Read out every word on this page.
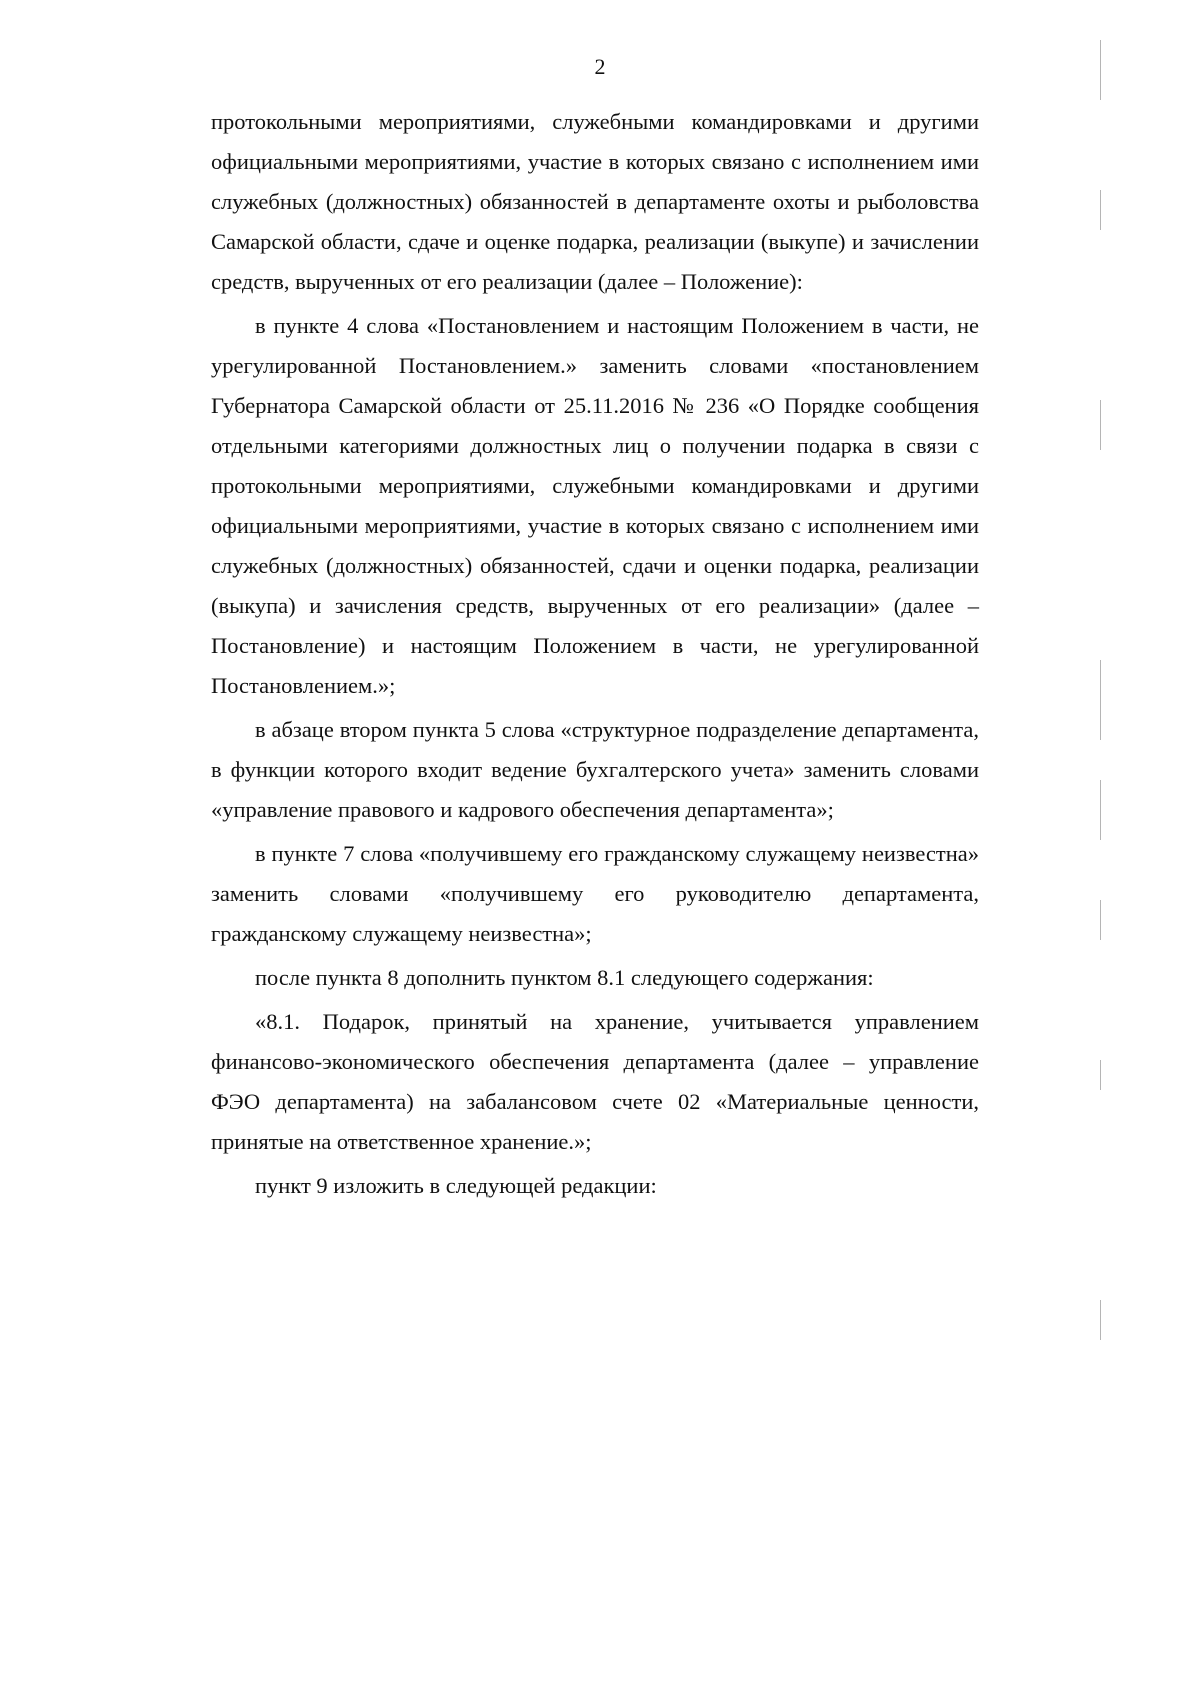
2

протокольными мероприятиями, служебными командировками и другими официальными мероприятиями, участие в которых связано с исполнением ими служебных (должностных) обязанностей в департаменте охоты и рыболовства Самарской области, сдаче и оценке подарка, реализации (выкупе) и зачислении средств, вырученных от его реализации (далее – Положение):

в пункте 4 слова «Постановлением и настоящим Положением в части, не урегулированной Постановлением.» заменить словами «постановлением Губернатора Самарской области от 25.11.2016 № 236 «О Порядке сообщения отдельными категориями должностных лиц о получении подарка в связи с протокольными мероприятиями, служебными командировками и другими официальными мероприятиями, участие в которых связано с исполнением ими служебных (должностных) обязанностей, сдачи и оценки подарка, реализации (выкупа) и зачисления средств, вырученных от его реализации» (далее – Постановление) и настоящим Положением в части, не урегулированной Постановлением.»;

в абзаце втором пункта 5 слова «структурное подразделение департамента, в функции которого входит ведение бухгалтерского учета» заменить словами «управление правового и кадрового обеспечения департамента»;

в пункте 7 слова «получившему его гражданскому служащему неизвестна» заменить словами «получившему его руководителю департамента, гражданскому служащему неизвестна»;

после пункта 8 дополнить пунктом 8.1 следующего содержания:

«8.1. Подарок, принятый на хранение, учитывается управлением финансово-экономического обеспечения департамента (далее – управление ФЭО департамента) на забалансовом счете 02 «Материальные ценности, принятые на ответственное хранение.»;

пункт 9 изложить в следующей редакции:
